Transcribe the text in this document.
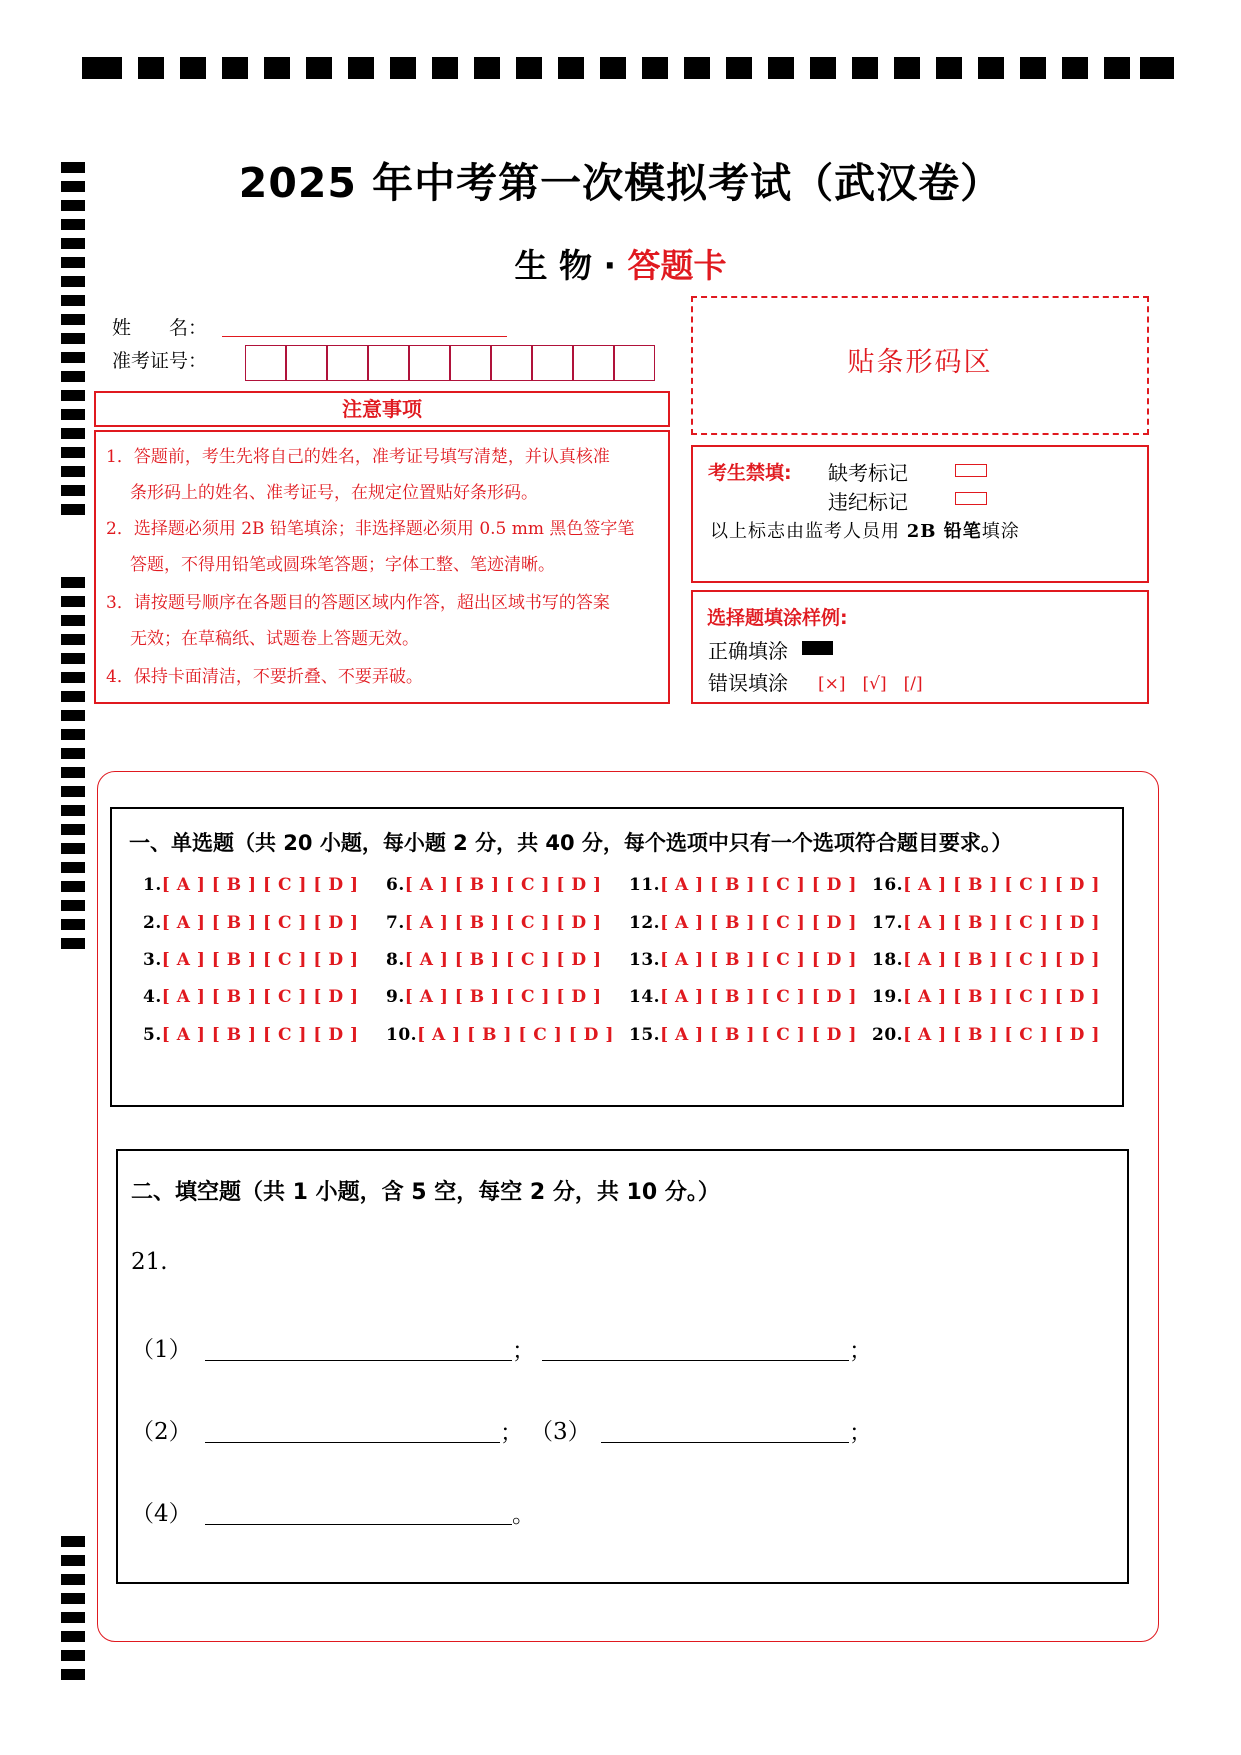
2025 年中考第一次模拟考试（武汉卷）
生 物 · 答题卡
姓　　名：
准考证号：
注意事项
1．答题前，考生先将自己的姓名，准考证号填写清楚，并认真核准
条形码上的姓名、准考证号，在规定位置贴好条形码。
2．选择题必须用 2B 铅笔填涂；非选择题必须用 0.5 mm 黑色签字笔
答题，不得用铅笔或圆珠笔答题；字体工整、笔迹清晰。
3．请按题号顺序在各题目的答题区域内作答，超出区域书写的答案
无效；在草稿纸、试题卷上答题无效。
4．保持卡面清洁，不要折叠、不要弄破。
贴条形码区
考生禁填: 缺考标记
违纪标记
以上标志由监考人员用 2B 铅笔填涂
选择题填涂样例:
正确填涂
错误填涂 [×]　[√]　[/]
一、单选题（共 20 小题，每小题 2 分，共 40 分，每个选项中只有一个选项符合题目要求。）
1.[ A ] [ B ] [ C ] [ D ] 6.[ A ] [ B ] [ C ] [ D ] 11.[ A ] [ B ] [ C ] [ D ] 16.[ A ] [ B ] [ C ] [ D ]
2.[ A ] [ B ] [ C ] [ D ] 7.[ A ] [ B ] [ C ] [ D ] 12.[ A ] [ B ] [ C ] [ D ] 17.[ A ] [ B ] [ C ] [ D ]
3.[ A ] [ B ] [ C ] [ D ] 8.[ A ] [ B ] [ C ] [ D ] 13.[ A ] [ B ] [ C ] [ D ] 18.[ A ] [ B ] [ C ] [ D ]
4.[ A ] [ B ] [ C ] [ D ] 9.[ A ] [ B ] [ C ] [ D ] 14.[ A ] [ B ] [ C ] [ D ] 19.[ A ] [ B ] [ C ] [ D ]
5.[ A ] [ B ] [ C ] [ D ] 10.[ A ] [ B ] [ C ] [ D ] 15.[ A ] [ B ] [ C ] [ D ] 20.[ A ] [ B ] [ C ] [ D ]
二、填空题（共 1 小题，含 5 空，每空 2 分，共 10 分。）
21.
（1）	；	；
（2）	； （3）	；
（4）	。
